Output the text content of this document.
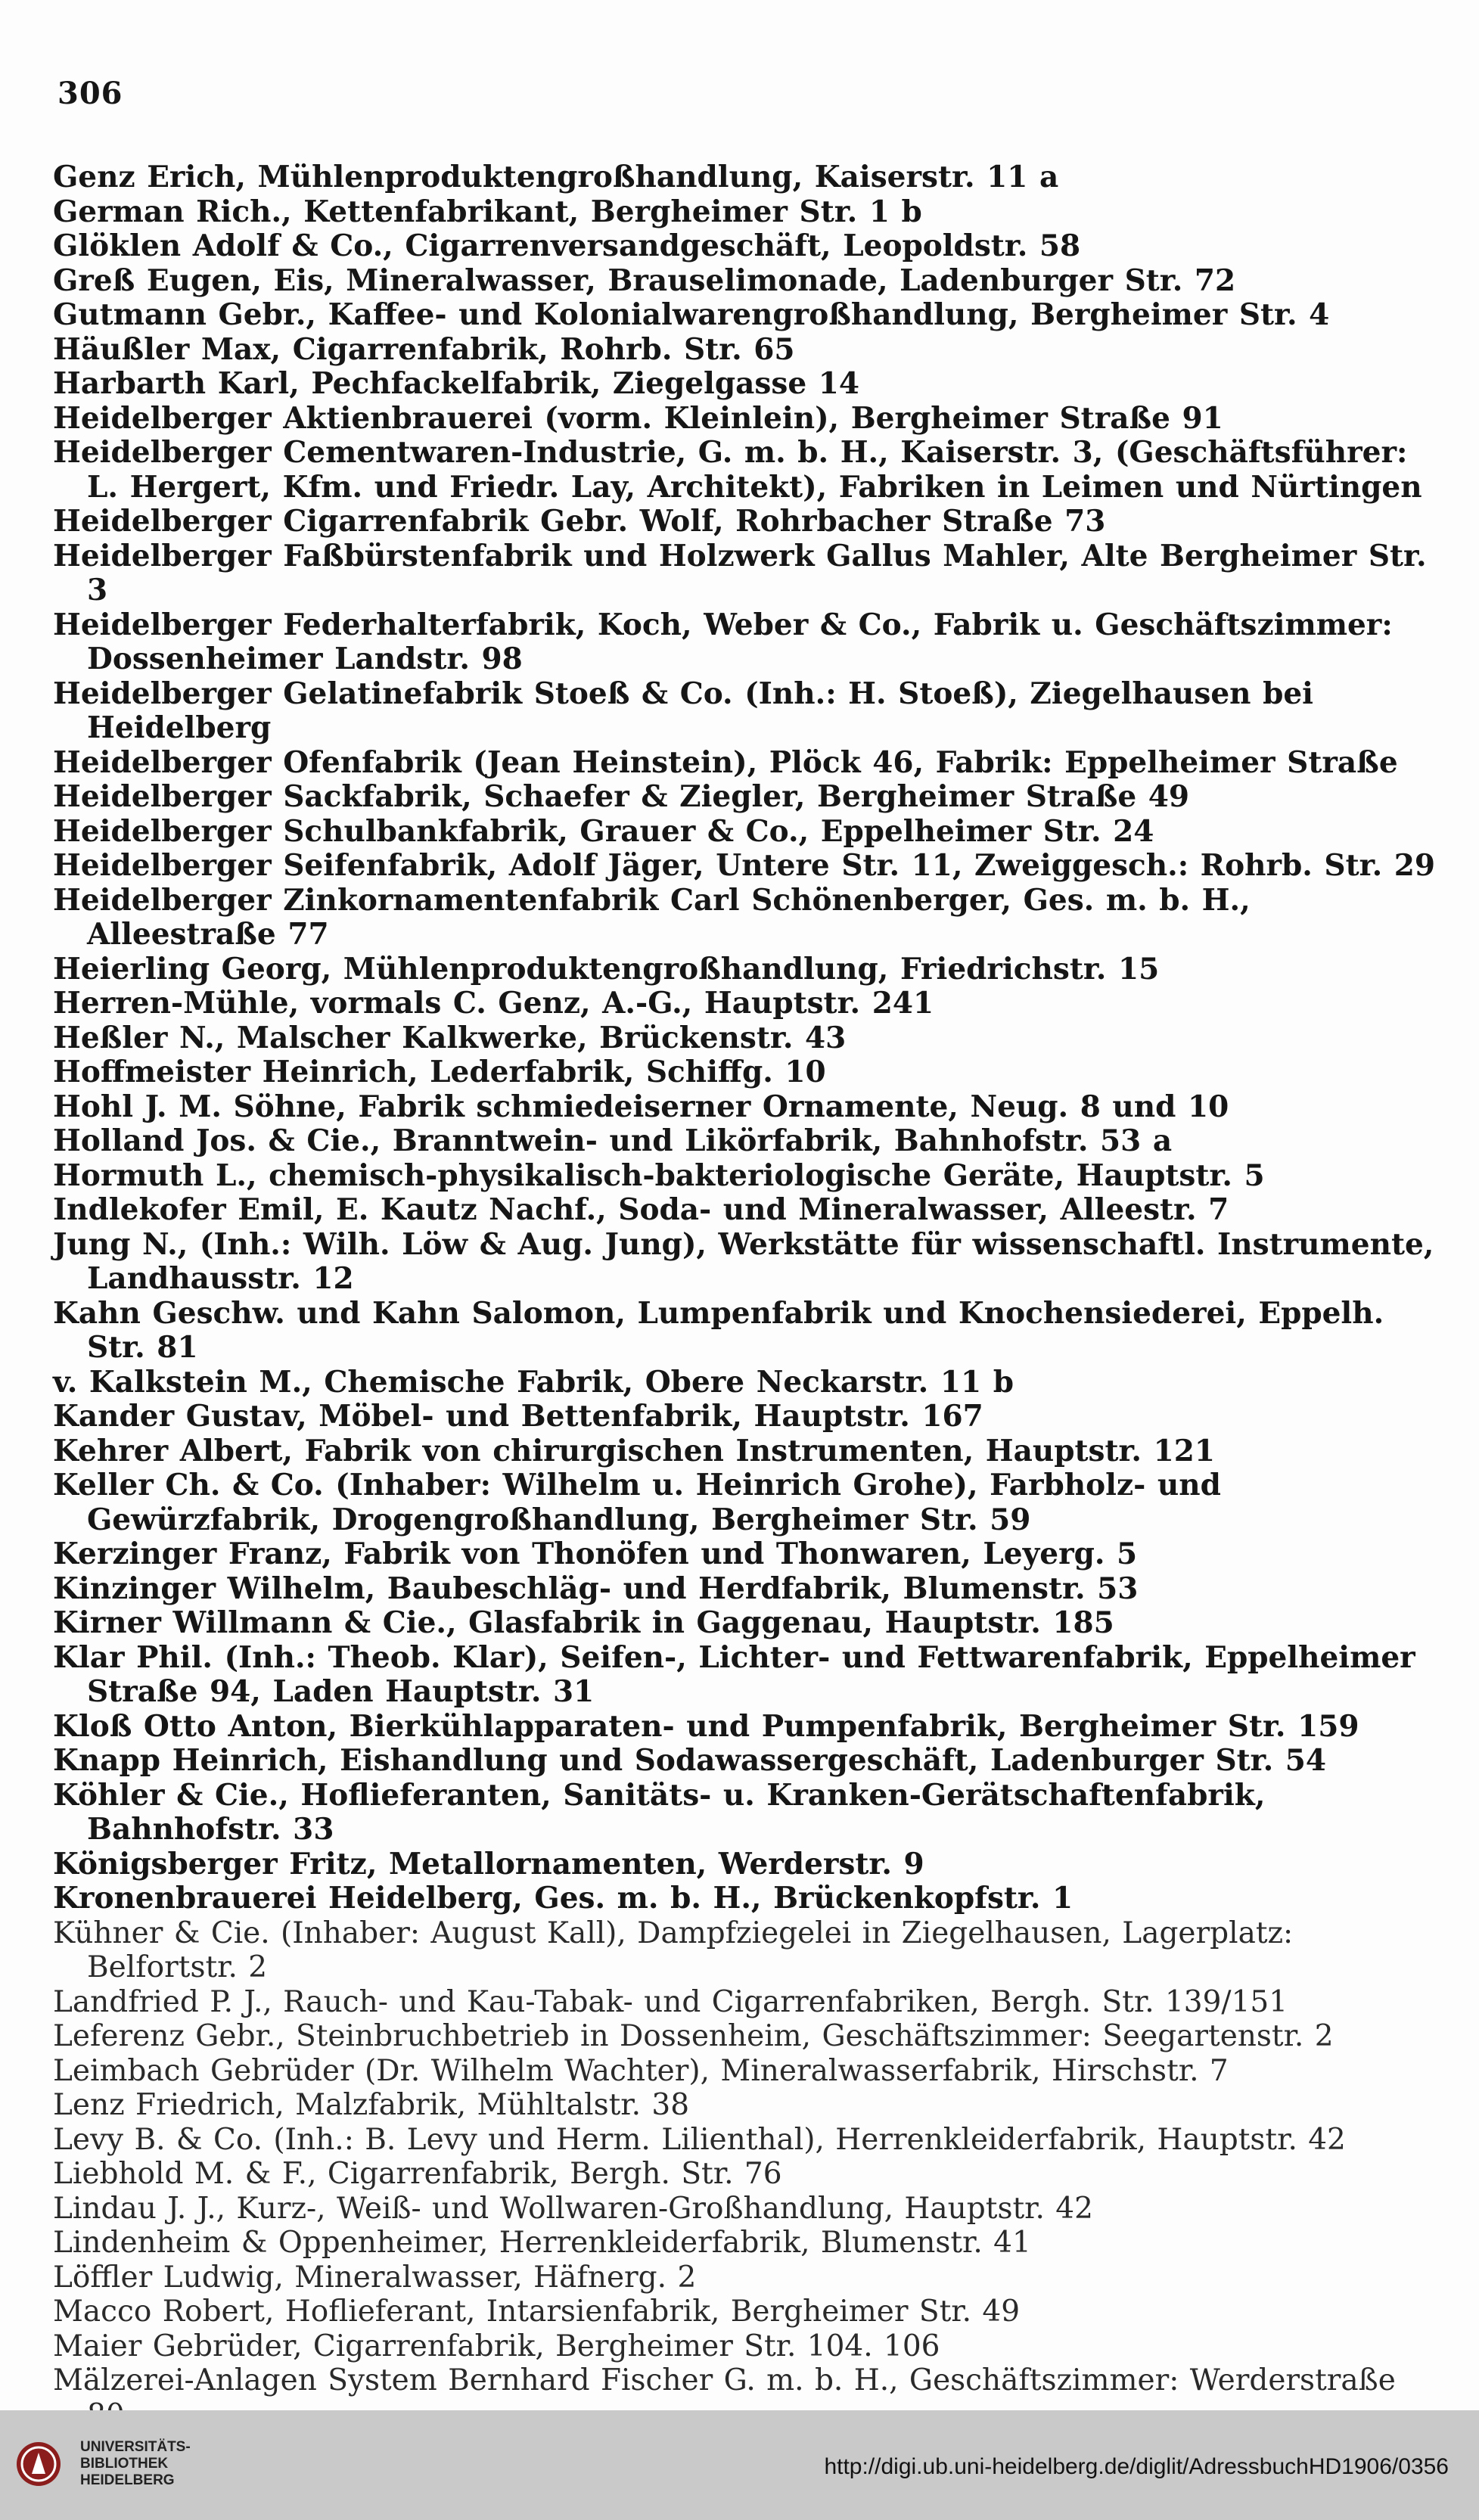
306
Genz Erich, Mühlenproduktengroßhandlung, Kaiserstr. 11 a
German Rich., Kettenfabrikant, Bergheimer Str. 1 b
Glöklen Adolf & Co., Cigarrenversandgeschäft, Leopoldstr. 58
Greß Eugen, Eis, Mineralwasser, Brauselimonade, Ladenburger Str. 72
Gutmann Gebr., Kaffee- und Kolonialwarengroßhandlung, Bergheimer Str. 4
Häußler Max, Cigarrenfabrik, Rohrb. Str. 65
Harbarth Karl, Pechfackelfabrik, Ziegelgasse 14
Heidelberger Aktienbrauerei (vorm. Kleinlein), Bergheimer Straße 91
Heidelberger Cementwaren-Industrie, G. m. b. H., Kaiserstr. 3, (Geschäftsführer: L. Hergert, Kfm. und Friedr. Lay, Architekt), Fabriken in Leimen und Nürtingen
Heidelberger Cigarrenfabrik Gebr. Wolf, Rohrbacher Straße 73
Heidelberger Faßbürstenfabrik und Holzwerk Gallus Mahler, Alte Bergheimer Str. 3
Heidelberger Federhalterfabrik, Koch, Weber & Co., Fabrik u. Geschäftszimmer: Dossenheimer Landstr. 98
Heidelberger Gelatinefabrik Stoeß & Co. (Inh.: H. Stoeß), Ziegelhausen bei Heidelberg
Heidelberger Ofenfabrik (Jean Heinstein), Plöck 46, Fabrik: Eppelheimer Straße
Heidelberger Sackfabrik, Schaefer & Ziegler, Bergheimer Straße 49
Heidelberger Schulbankfabrik, Grauer & Co., Eppelheimer Str. 24
Heidelberger Seifenfabrik, Adolf Jäger, Untere Str. 11, Zweiggesch.: Rohrb. Str. 29
Heidelberger Zinkornamentenfabrik Carl Schönenberger, Ges. m. b. H., Alleestraße 77
Heierling Georg, Mühlenproduktengroßhandlung, Friedrichstr. 15
Herren-Mühle, vormals C. Genz, A.-G., Hauptstr. 241
Heßler N., Malscher Kalkwerke, Brückenstr. 43
Hoffmeister Heinrich, Lederfabrik, Schiffg. 10
Hohl J. M. Söhne, Fabrik schmiedeiserner Ornamente, Neug. 8 und 10
Holland Jos. & Cie., Branntwein- und Likörfabrik, Bahnhofstr. 53 a
Hormuth L., chemisch-physikalisch-bakteriologische Geräte, Hauptstr. 5
Indlekofer Emil, E. Kautz Nachf., Soda- und Mineralwasser, Alleestr. 7
Jung N., (Inh.: Wilh. Löw & Aug. Jung), Werkstätte für wissenschaftl. Instrumente, Landhausstr. 12
Kahn Geschw. und Kahn Salomon, Lumpenfabrik und Knochensiederei, Eppelh. Str. 81
v. Kalkstein M., Chemische Fabrik, Obere Neckarstr. 11 b
Kander Gustav, Möbel- und Bettenfabrik, Hauptstr. 167
Kehrer Albert, Fabrik von chirurgischen Instrumenten, Hauptstr. 121
Keller Ch. & Co. (Inhaber: Wilhelm u. Heinrich Grohe), Farbholz- und Gewürzfabrik, Drogengroßhandlung, Bergheimer Str. 59
Kerzinger Franz, Fabrik von Thonöfen und Thonwaren, Leyerg. 5
Kinzinger Wilhelm, Baubeschläg- und Herdfabrik, Blumenstr. 53
Kirner Willmann & Cie., Glasfabrik in Gaggenau, Hauptstr. 185
Klar Phil. (Inh.: Theob. Klar), Seifen-, Lichter- und Fettwarenfabrik, Eppelheimer Straße 94, Laden Hauptstr. 31
Kloß Otto Anton, Bierkühlapparaten- und Pumpenfabrik, Bergheimer Str. 159
Knapp Heinrich, Eishandlung und Sodawassergeschäft, Ladenburger Str. 54
Köhler & Cie., Hoflieferanten, Sanitäts- u. Kranken-Gerätschaftenfabrik, Bahnhofstr. 33
Königsberger Fritz, Metallornamenten, Werderstr. 9
Kronenbrauerei Heidelberg, Ges. m. b. H., Brückenkopfstr. 1
Kühner & Cie. (Inhaber: August Kall), Dampfziegelei in Ziegelhausen, Lagerplatz: Belfortstr. 2
Landfried P. J., Rauch- und Kau-Tabak- und Cigarrenfabriken, Bergh. Str. 139/151
Leferenz Gebr., Steinbruchbetrieb in Dossenheim, Geschäftszimmer: Seegartenstr. 2
Leimbach Gebrüder (Dr. Wilhelm Wachter), Mineralwasserfabrik, Hirschstr. 7
Lenz Friedrich, Malzfabrik, Mühltalstr. 38
Levy B. & Co. (Inh.: B. Levy und Herm. Lilienthal), Herrenkleiderfabrik, Hauptstr. 42
Liebhold M. & F., Cigarrenfabrik, Bergh. Str. 76
Lindau J. J., Kurz-, Weiß- und Wollwaren-Großhandlung, Hauptstr. 42
Lindenheim & Oppenheimer, Herrenkleiderfabrik, Blumenstr. 41
Löffler Ludwig, Mineralwasser, Häfnerg. 2
Macco Robert, Hoflieferant, Intarsienfabrik, Bergheimer Str. 49
Maier Gebrüder, Cigarrenfabrik, Bergheimer Str. 104. 106
Mälzerei-Anlagen System Bernhard Fischer G. m. b. H., Geschäftszimmer: Werderstraße
UNIVERSITÄTS-
BIBLIOTHEK
HEIDELBERG
http://digi.ub.uni-heidelberg.de/diglit/AdressbuchHD1906/0356
